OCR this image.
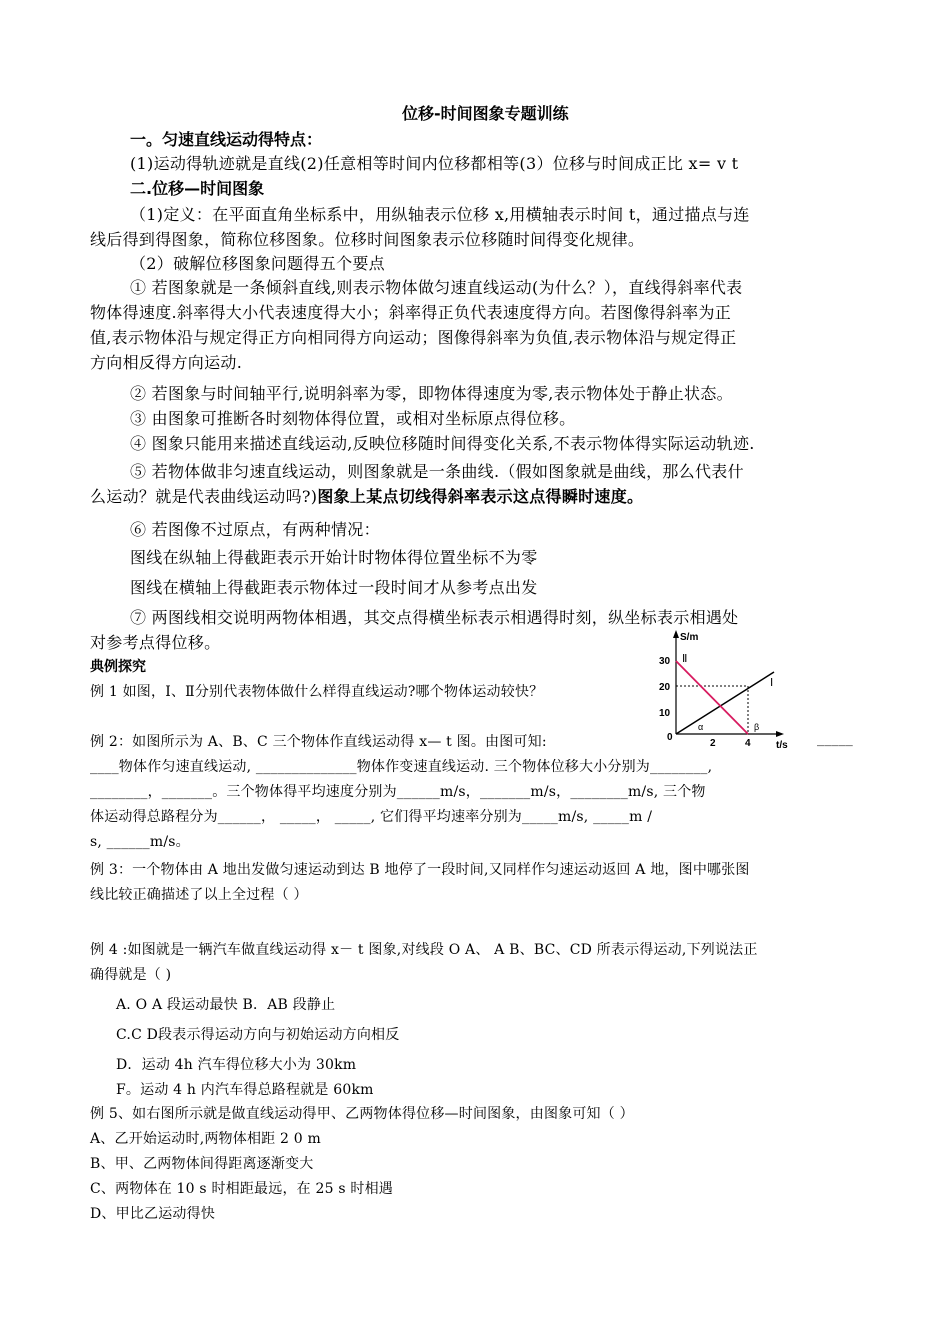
位移-时间图象专题训练
一。匀速直线运动得特点：
(1)运动得轨迹就是直线(2)任意相等时间内位移都相等(3）位移与时间成正比 x= v t
二.位移—时间图象
（1)定义：在平面直角坐标系中，用纵轴表示位移 x,用横轴表示时间 t，通过描点与连
线后得到得图象，简称位移图象。位移时间图象表示位移随时间得变化规律。
（2）破解位移图象问题得五个要点
① 若图象就是一条倾斜直线,则表示物体做匀速直线运动(为什么？），直线得斜率代表
物体得速度.斜率得大小代表速度得大小；斜率得正负代表速度得方向。若图像得斜率为正
值,表示物体沿与规定得正方向相同得方向运动；图像得斜率为负值,表示物体沿与规定得正
方向相反得方向运动.
② 若图象与时间轴平行,说明斜率为零，即物体得速度为零,表示物体处于静止状态。
③ 由图象可推断各时刻物体得位置，或相对坐标原点得位移。
④ 图象只能用来描述直线运动,反映位移随时间得变化关系,不表示物体得实际运动轨迹.
⑤ 若物体做非匀速直线运动，则图象就是一条曲线.（假如图象就是曲线，那么代表什
么运动？就是代表曲线运动吗?)图象上某点切线得斜率表示这点得瞬时速度。
⑥ 若图像不过原点，有两种情况：
图线在纵轴上得截距表示开始计时物体得位置坐标不为零
图线在横轴上得截距表示物体过一段时间才从参考点出发
⑦ 两图线相交说明两物体相遇，其交点得横坐标表示相遇得时刻，纵坐标表示相遇处
对参考点得位移。
典例探究
例 1 如图，Ⅰ、Ⅱ分别代表物体做什么样得直线运动?哪个物体运动较快？
S/m
t/s
30
20
10
0
2	4
Ⅰ
Ⅱ
α	β
例 2：如图所示为 A、B、C 三个物体作直线运动得 x— t 图。由图可知:	_____
____物体作匀速直线运动, ______________物体作变速直线运动. 三个物体位移大小分别为________,
________，_______。三个物体得平均速度分别为______m/s，_______m/s，________m/s, 三个物
体运动得总路程分为______， _____， _____, 它们得平均速率分别为_____m/s, _____m /
s, ______m/s。
例 3：一个物体由 A 地出发做匀速运动到达 B 地停了一段时间,又同样作匀速运动返回 A 地，图中哪张图
线比较正确描述了以上全过程（ ）
例 4 :如图就是一辆汽车做直线运动得 x－ t 图象,对线段 O A、 A B、BC、CD 所表示得运动,下列说法正
确得就是（ )
A. O A 段运动最快 B．AB 段静止
C.C D段表示得运动方向与初始运动方向相反
D．运动 4h 汽车得位移大小为 30km
F。运动 4 h 内汽车得总路程就是 60km
例 5、如右图所示就是做直线运动得甲、乙两物体得位移—时间图象，由图象可知（ ）
A、乙开始运动时,两物体相距 2 0 m
B、甲、乙两物体间得距离逐渐变大
C、两物体在 10 s 时相距最远，在 25 s 时相遇
D、甲比乙运动得快
